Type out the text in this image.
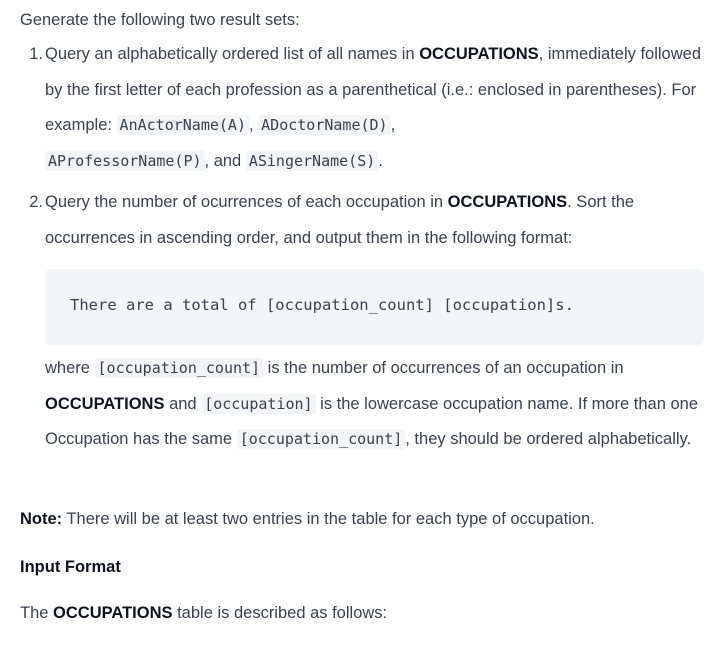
Generate the following two result sets:

1. Query an alphabetically ordered list of all names in OCCUPATIONS, immediately followed by the first letter of each profession as a parenthetical (i.e.: enclosed in parentheses). For example: AnActorName(A) , ADoctorName(D) ,
AProfessorName(P) , and ASingerName(S) .

2. Query the number of ocurrences of each occupation in OCCUPATIONS. Sort the occurrences in ascending order, and output them in the following format:

There are a total of [occupation_count] [occupation]s.

where [occupation_count] is the number of occurrences of an occupation in
OCCUPATIONS and [occupation] is the lowercase occupation name. If more than one Occupation has the same [occupation_count] , they should be ordered alphabetically.

Note: There will be at least two entries in the table for each type of occupation.

Input Format

The OCCUPATIONS table is described as follows:
